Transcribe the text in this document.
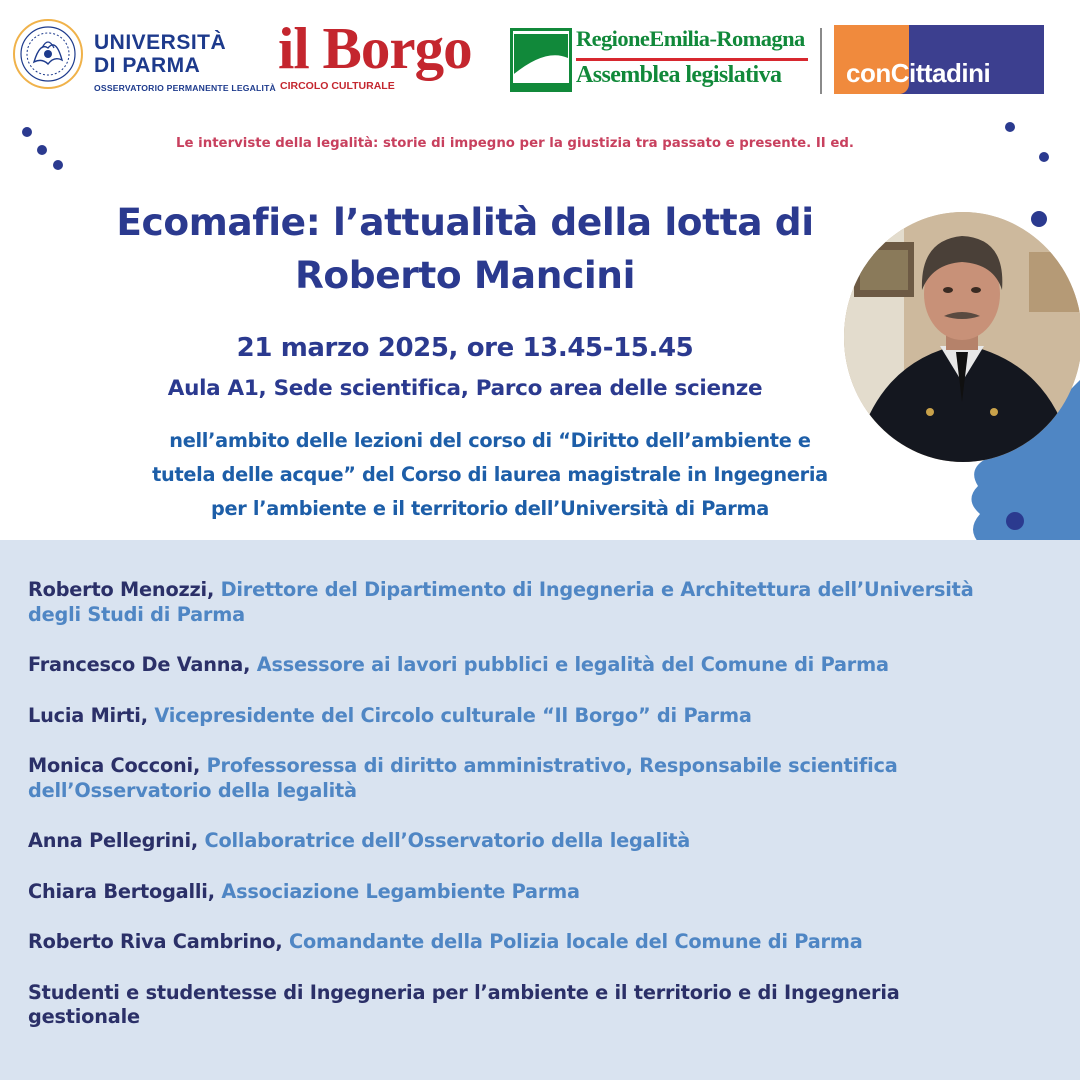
UNIVERSITÀ
DI PARMA
OSSERVATORIO PERMANENTE LEGALITÀ
il Borgo
CIRCOLO CULTURALE
RegioneEmilia-Romagna
Assemblea legislativa conCittadini
Le interviste della legalità: storie di impegno per la giustizia tra passato e presente. II ed.
Ecomafie: l’attualità della lotta di
Roberto Mancini
21 marzo 2025, ore 13.45-15.45
Aula A1, Sede scientifica, Parco area delle scienze
nell’ambito delle lezioni del corso di “Diritto dell’ambiente e
tutela delle acque” del Corso di laurea magistrale in Ingegneria
per l’ambiente e il territorio dell’Università di Parma
Roberto Menozzi, Direttore del Dipartimento di Ingegneria e Architettura dell’Università degli Studi di Parma
Francesco De Vanna, Assessore ai lavori pubblici e legalità del Comune di Parma
Lucia Mirti, Vicepresidente del Circolo culturale “Il Borgo” di Parma
Monica Cocconi, Professoressa di diritto amministrativo, Responsabile scientifica dell’Osservatorio della legalità
Anna Pellegrini, Collaboratrice dell’Osservatorio della legalità
Chiara Bertogalli, Associazione Legambiente Parma
Roberto Riva Cambrino, Comandante della Polizia locale del Comune di Parma
Studenti e studentesse di Ingegneria per l’ambiente e il territorio e di Ingegneria gestionale
